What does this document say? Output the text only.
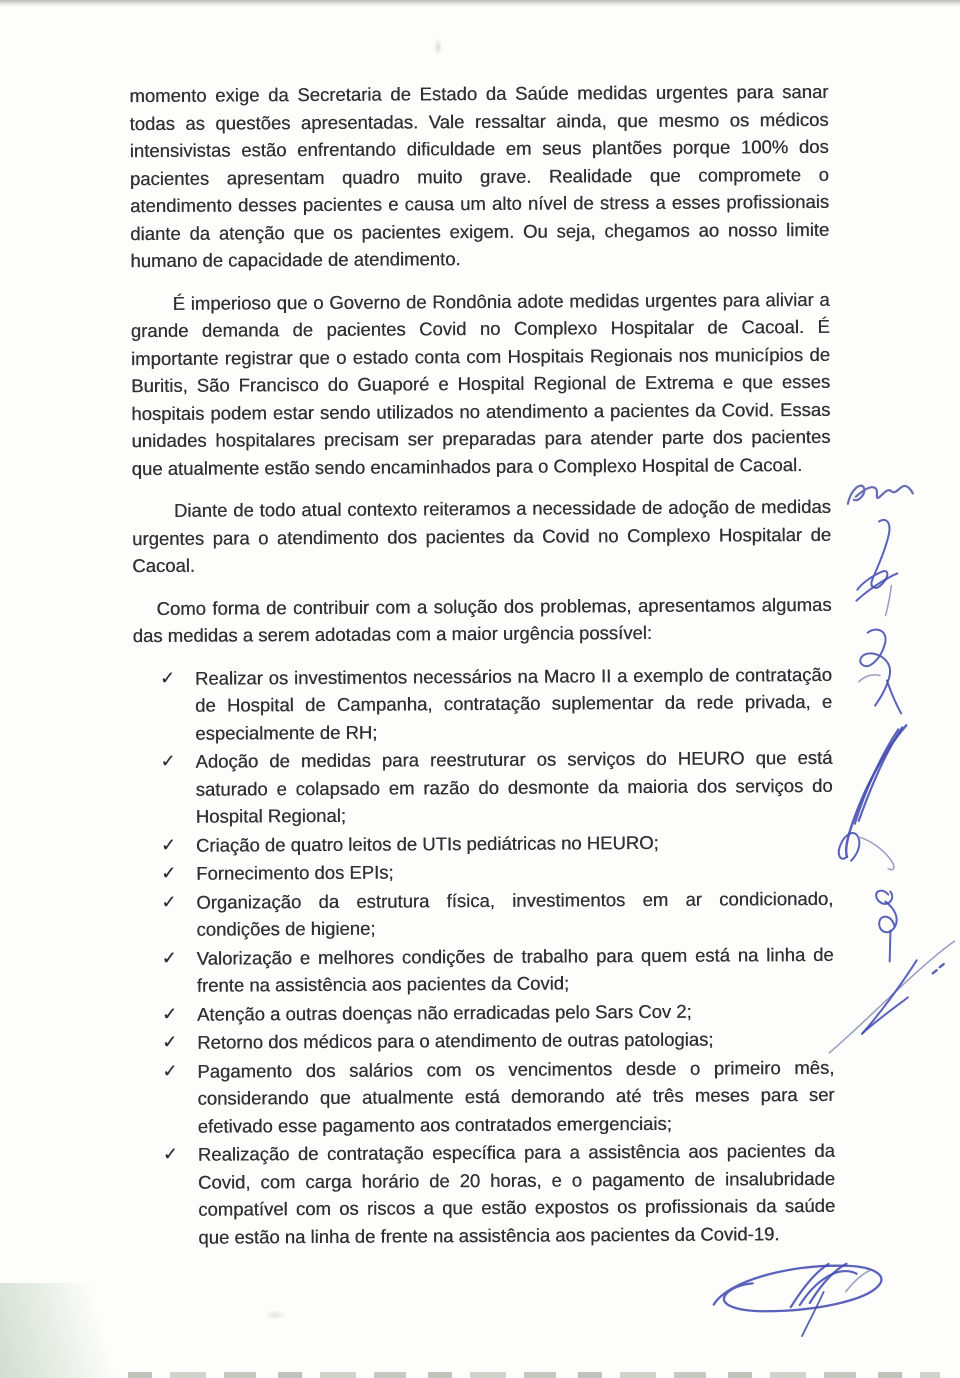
momento exige da Secretaria de Estado da Saúde medidas urgentes para sanar todas as questões apresentadas. Vale ressaltar ainda, que mesmo os médicos intensivistas estão enfrentando dificuldade em seus plantões porque 100% dos pacientes apresentam quadro muito grave. Realidade que compromete o atendimento desses pacientes e causa um alto nível de stress a esses profissionais diante da atenção que os pacientes exigem. Ou seja, chegamos ao nosso limite humano de capacidade de atendimento.

É imperioso que o Governo de Rondônia adote medidas urgentes para aliviar a grande demanda de pacientes Covid no Complexo Hospitalar de Cacoal. É importante registrar que o estado conta com Hospitais Regionais nos municípios de Buritis, São Francisco do Guaporé e Hospital Regional de Extrema e que esses hospitais podem estar sendo utilizados no atendimento a pacientes da Covid. Essas unidades hospitalares precisam ser preparadas para atender parte dos pacientes que atualmente estão sendo encaminhados para o Complexo Hospital de Cacoal.

Diante de todo atual contexto reiteramos a necessidade de adoção de medidas urgentes para o atendimento dos pacientes da Covid no Complexo Hospitalar de Cacoal.

Como forma de contribuir com a solução dos problemas, apresentamos algumas das medidas a serem adotadas com a maior urgência possível:

✓ Realizar os investimentos necessários na Macro II a exemplo de contratação de Hospital de Campanha, contratação suplementar da rede privada, e especialmente de RH;
✓ Adoção de medidas para reestruturar os serviços do HEURO que está saturado e colapsado em razão do desmonte da maioria dos serviços do Hospital Regional;
✓ Criação de quatro leitos de UTIs pediátricas no HEURO;
✓ Fornecimento dos EPIs;
✓ Organização da estrutura física, investimentos em ar condicionado, condições de higiene;
✓ Valorização e melhores condições de trabalho para quem está na linha de frente na assistência aos pacientes da Covid;
✓ Atenção a outras doenças não erradicadas pelo Sars Cov 2;
✓ Retorno dos médicos para o atendimento de outras patologias;
✓ Pagamento dos salários com os vencimentos desde o primeiro mês, considerando que atualmente está demorando até três meses para ser efetivado esse pagamento aos contratados emergenciais;
✓ Realização de contratação específica para a assistência aos pacientes da Covid, com carga horário de 20 horas, e o pagamento de insalubridade compatível com os riscos a que estão expostos os profissionais da saúde que estão na linha de frente na assistência aos pacientes da Covid-19.
